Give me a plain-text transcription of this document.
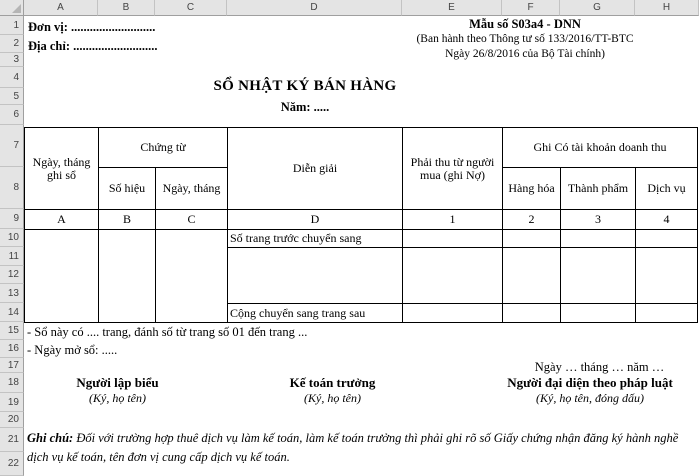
A	B	C	D	E	F	G	H
1
2
3
4
5
6
7
8
9
10
11
12
13
14
15
16
17
18
19
20
21
22
Đơn vị: ...........................
Địa chỉ: ...........................
Mẫu số S03a4 - DNN
(Ban hành theo Thông tư số 133/2016/TT-BTC
Ngày 26/8/2016 của Bộ Tài chính)
SỔ NHẬT KÝ BÁN HÀNG
Năm: .....
Ngày, tháng ghi sổ	Chứng từ		Diễn giải	Phải thu từ người mua (ghi Nợ)	Ghi Có tài khoản doanh thu		
	Số hiệu	Ngày, tháng			Hàng hóa	Thành phẩm	Dịch vụ
A	B	C	D	1	2	3	4
			Số trang trước chuyển sang				

			Cộng chuyển sang trang sau				
- Sổ này có .... trang, đánh số từ trang số 01 đến trang ...
- Ngày mở sổ: .....
Ngày … tháng … năm …
Người lập biểu
(Ký, họ tên)
Kế toán trưởng
(Ký, họ tên)
Người đại diện theo pháp luật
(Ký, họ tên, đóng dấu)
Ghi chú: Đối với trường hợp thuê dịch vụ làm kế toán, làm kế toán trưởng thì phải ghi rõ số Giấy chứng nhận đăng ký hành nghề dịch vụ kế toán, tên đơn vị cung cấp dịch vụ kế toán.
